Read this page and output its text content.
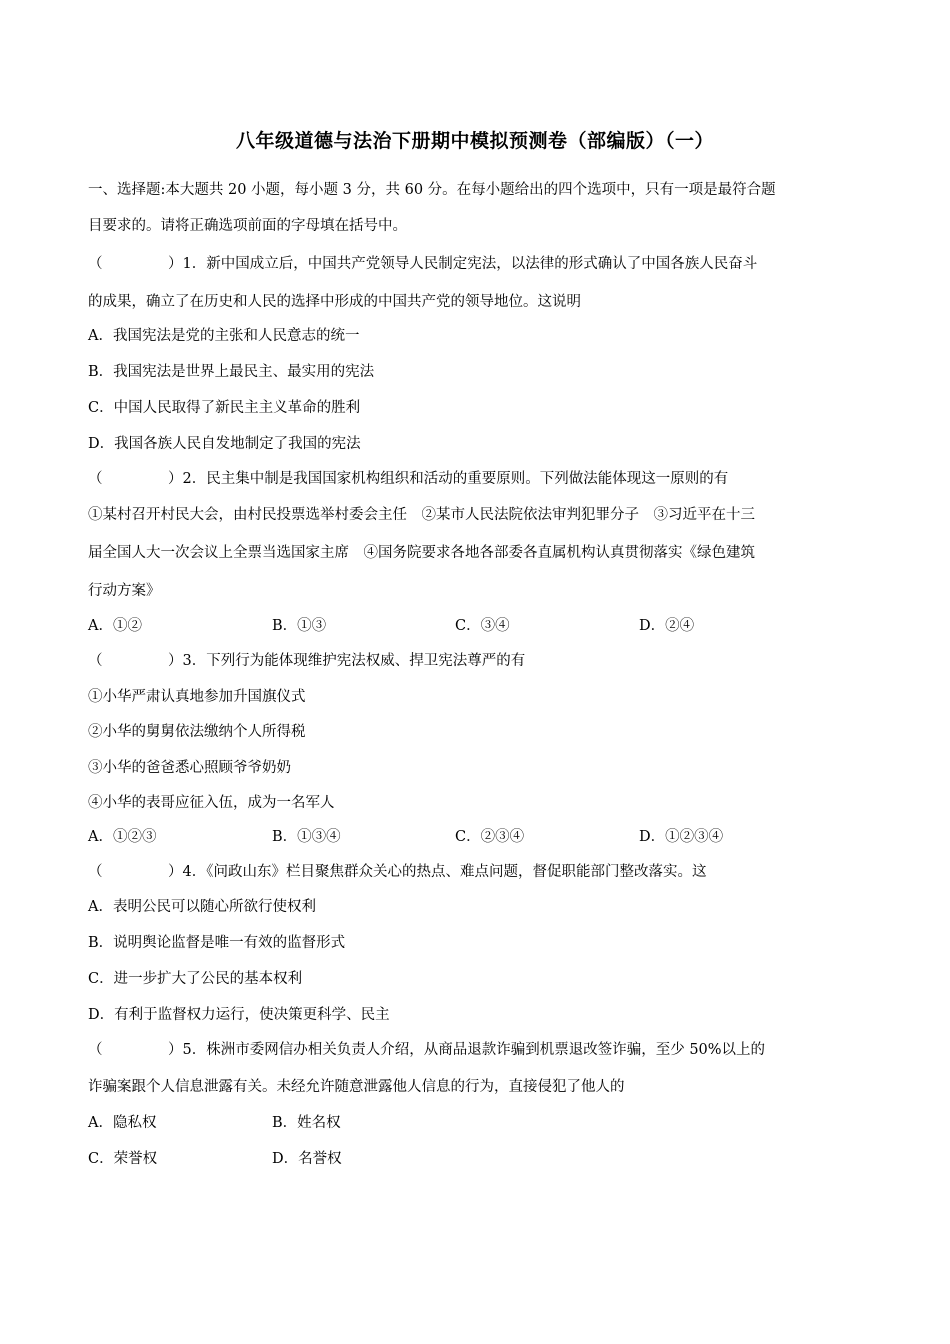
八年级道德与法治下册期中模拟预测卷（部编版）（一）
一、选择题:本大题共 20 小题，每小题 3 分，共 60 分。在每小题给出的四个选项中，只有一项是最符合题
目要求的。请将正确选项前面的字母填在括号中。
（	）1．新中国成立后，中国共产党领导人民制定宪法，以法律的形式确认了中国各族人民奋斗
的成果，确立了在历史和人民的选择中形成的中国共产党的领导地位。这说明
A．我国宪法是党的主张和人民意志的统一
B．我国宪法是世界上最民主、最实用的宪法
C．中国人民取得了新民主主义革命的胜利
D．我国各族人民自发地制定了我国的宪法
（	）2．民主集中制是我国国家机构组织和活动的重要原则。下列做法能体现这一原则的有
①某村召开村民大会，由村民投票选举村委会主任　②某市人民法院依法审判犯罪分子　③习近平在十三
届全国人大一次会议上全票当选国家主席　④国务院要求各地各部委各直属机构认真贯彻落实《绿色建筑
行动方案》
A．①②	B．①③	C．③④	D．②④
（	）3．下列行为能体现维护宪法权威、捍卫宪法尊严的有
①小华严肃认真地参加升国旗仪式
②小华的舅舅依法缴纳个人所得税
③小华的爸爸悉心照顾爷爷奶奶
④小华的表哥应征入伍，成为一名军人
A．①②③	B．①③④	C．②③④	D．①②③④
（	）4．《问政山东》栏目聚焦群众关心的热点、难点问题，督促职能部门整改落实。这
A．表明公民可以随心所欲行使权利
B．说明舆论监督是唯一有效的监督形式
C．进一步扩大了公民的基本权利
D．有利于监督权力运行，使决策更科学、民主
（	）5．株洲市委网信办相关负责人介绍，从商品退款诈骗到机票退改签诈骗，至少 50%以上的
诈骗案跟个人信息泄露有关。未经允许随意泄露他人信息的行为，直接侵犯了他人的
A．隐私权	B．姓名权
C．荣誉权	D．名誉权
